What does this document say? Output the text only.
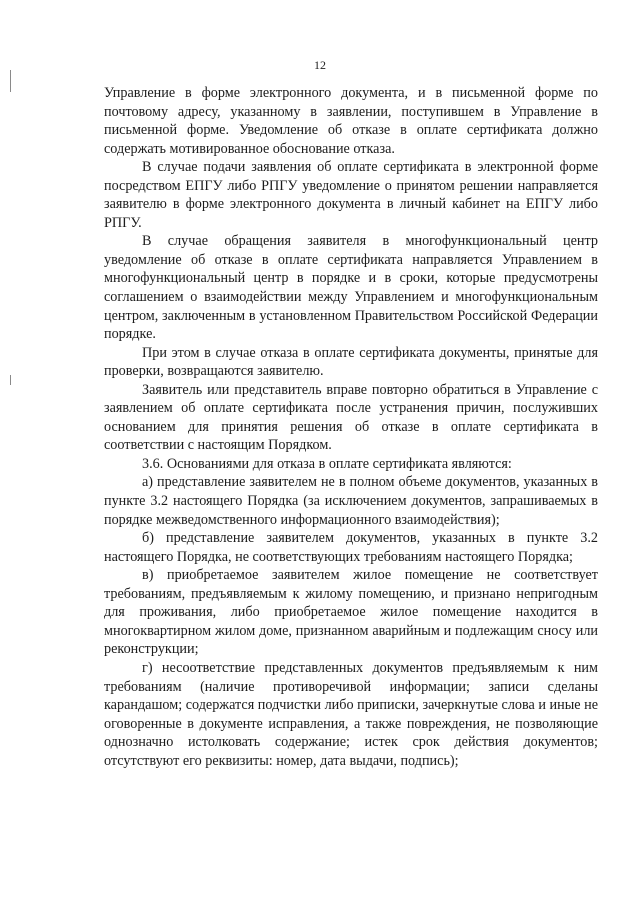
12

Управление в форме электронного документа, и в письменной форме по почтовому адресу, указанному в заявлении, поступившем в Управление в письменной форме. Уведомление об отказе в оплате сертификата должно содержать мотивированное обоснование отказа.

В случае подачи заявления об оплате сертификата в электронной форме посредством ЕПГУ либо РПГУ уведомление о принятом решении направляется заявителю в форме электронного документа в личный кабинет на ЕПГУ либо РПГУ.

В случае обращения заявителя в многофункциональный центр уведомление об отказе в оплате сертификата направляется Управлением в многофункциональный центр в порядке и в сроки, которые предусмотрены соглашением о взаимодействии между Управлением и многофункциональным центром, заключенным в установленном Правительством Российской Федерации порядке.

При этом в случае отказа в оплате сертификата документы, принятые для проверки, возвращаются заявителю.

Заявитель или представитель вправе повторно обратиться в Управление с заявлением об оплате сертификата после устранения причин, послуживших основанием для принятия решения об отказе в оплате сертификата в соответствии с настоящим Порядком.

3.6. Основаниями для отказа в оплате сертификата являются:

а) представление заявителем не в полном объеме документов, указанных в пункте 3.2 настоящего Порядка (за исключением документов, запрашиваемых в порядке межведомственного информационного взаимодействия);

б) представление заявителем документов, указанных в пункте 3.2 настоящего Порядка, не соответствующих требованиям настоящего Порядка;

в) приобретаемое заявителем жилое помещение не соответствует требованиям, предъявляемым к жилому помещению, и признано непригодным для проживания, либо приобретаемое жилое помещение находится в многоквартирном жилом доме, признанном аварийным и подлежащим сносу или реконструкции;

г) несоответствие представленных документов предъявляемым к ним требованиям (наличие противоречивой информации; записи сделаны карандашом; содержатся подчистки либо приписки, зачеркнутые слова и иные не оговоренные в документе исправления, а также повреждения, не позволяющие однозначно истолковать содержание; истек срок действия документов; отсутствуют его реквизиты: номер, дата выдачи, подпись);
